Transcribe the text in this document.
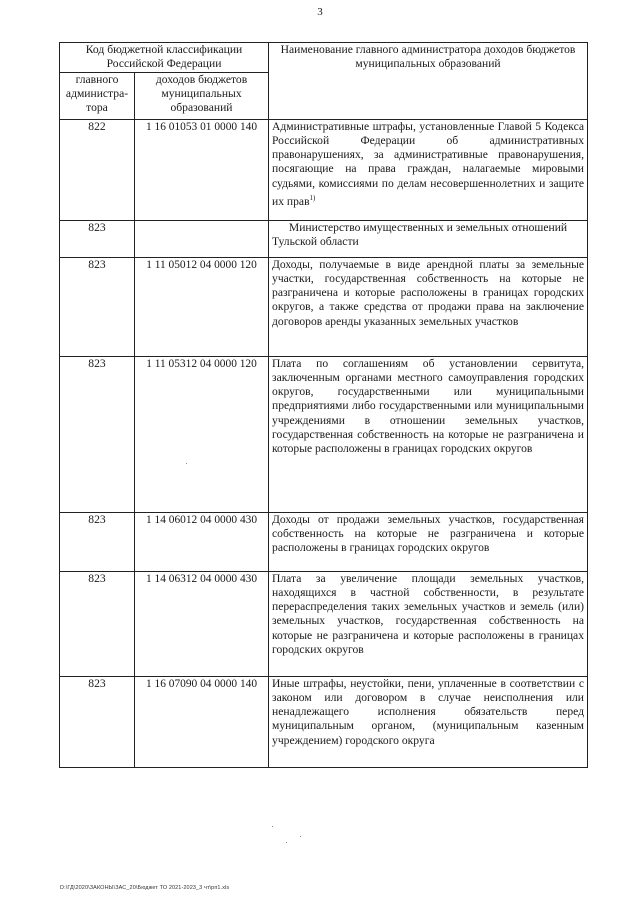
3
Код бюджетной классификации Российской Федерации		Наименование главного администратора доходов бюджетов муниципальных образований
главного администра-тора	доходов бюджетов муниципальных образований	
822	1 16 01053 01 0000 140	Административные штрафы, установленные Главой 5 Кодекса Российской Федерации об административных правонарушениях, за административные правонарушения, посягающие на права граждан, налагаемые мировыми судьями, комиссиями по делам несовершеннолетних и защите их прав$^{1)}$
823		Министерство имущественных и земельных отношений Тульской области
823	1 11 05012 04 0000 120	Доходы, получаемые в виде арендной платы за земельные участки, государственная собственность на которые не разграничена и которые расположены в границах городских округов, а также средства от продажи права на заключение договоров аренды указанных земельных участков
823	1 11 05312 04 0000 120	Плата по соглашениям об установлении сервитута, заключенным органами местного самоуправления городских округов, государственными или муниципальными предприятиями либо государственными или муниципальными учреждениями в отношении земельных участков, государственная собственность на которые не разграничена и которые расположены в границах городских округов
823	1 14 06012 04 0000 430	Доходы от продажи земельных участков, государственная собственность на которые не разграничена и которые расположены в границах городских округов
823	1 14 06312 04 0000 430	Плата за увеличение площади земельных участков, находящихся в частной собственности, в результате перераспределения таких земельных участков и земель (или) земельных участков, государственная собственность на которые не разграничена и которые расположены в границах городских округов
823	1 16 07090 04 0000 140	Иные штрафы, неустойки, пени, уплаченные в соответствии с законом или договором в случае неисполнения или ненадлежащего исполнения обязательств перед муниципальным органом, (муниципальным казенным учреждением) городского округа
D:\ГД\2020\ЗАКОНЫ\ЗАС_20\Бюджет ТО 2021-2023_3 чт\рп1.xls
